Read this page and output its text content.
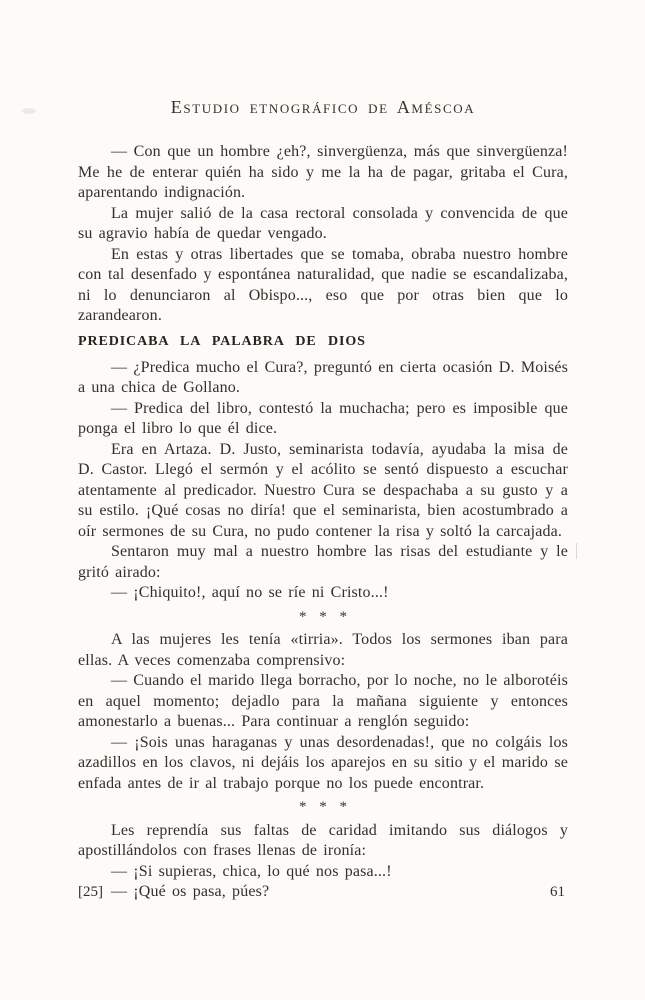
Estudio etnográfico de Améscoa

— Con que un hombre ¿eh?, sinvergüenza, más que sinvergüenza! Me he de enterar quién ha sido y me la ha de pagar, gritaba el Cura, aparentando indignación.

La mujer salió de la casa rectoral consolada y convencida de que su agravio había de quedar vengado.

En estas y otras libertades que se tomaba, obraba nuestro hombre con tal desenfado y espontánea naturalidad, que nadie se escandalizaba, ni lo denunciaron al Obispo..., eso que por otras bien que lo zarandearon.

PREDICABA LA PALABRA DE DIOS

— ¿Predica mucho el Cura?, preguntó en cierta ocasión D. Moisés a una chica de Gollano.

— Predica del libro, contestó la muchacha; pero es imposible que ponga el libro lo que él dice.

Era en Artaza. D. Justo, seminarista todavía, ayudaba la misa de D. Castor. Llegó el sermón y el acólito se sentó dispuesto a escuchar atentamente al predicador. Nuestro Cura se despachaba a su gusto y a su estilo. ¡Qué cosas no diría! que el seminarista, bien acostumbrado a oír sermones de su Cura, no pudo contener la risa y soltó la carcajada.

Sentaron muy mal a nuestro hombre las risas del estudiante y le gritó airado:

— ¡Chiquito!, aquí no se ríe ni Cristo...!

* * *

A las mujeres les tenía «tirria». Todos los sermones iban para ellas. A veces comenzaba comprensivo:

— Cuando el marido llega borracho, por lo noche, no le alborotéis en aquel momento; dejadlo para la mañana siguiente y entonces amonestarlo a buenas... Para continuar a renglón seguido:

— ¡Sois unas haraganas y unas desordenadas!, que no colgáis los azadillos en los clavos, ni dejáis los aparejos en su sitio y el marido se enfada antes de ir al trabajo porque no los puede encontrar.

* * *

Les reprendía sus faltas de caridad imitando sus diálogos y apostillándolos con frases llenas de ironía:

— ¡Si supieras, chica, lo qué nos pasa...!

— ¡Qué os pasa, púes?

[25]	61
